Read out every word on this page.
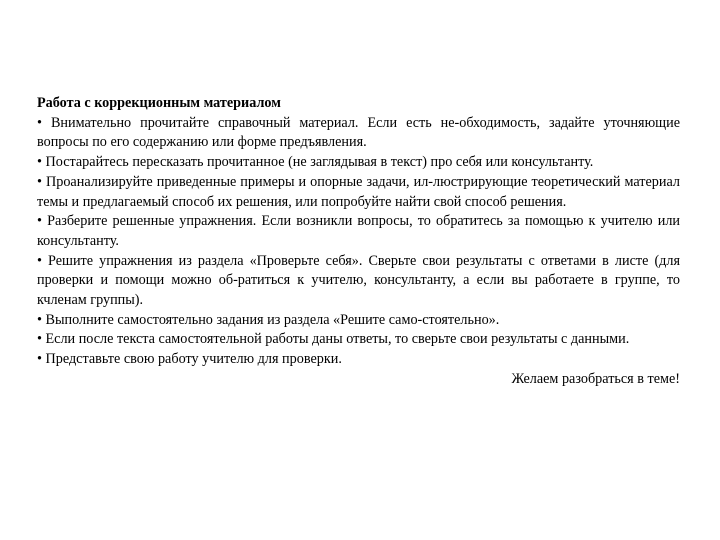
Работа с коррекционным материалом

• Внимательно прочитайте справочный материал. Если есть не-обходимость, задайте уточняющие вопросы по его содержанию или форме предъявления.

• Постарайтесь пересказать прочитанное (не заглядывая в текст) про себя или консультанту.

• Проанализируйте приведенные примеры и опорные задачи, ил-люстрирующие теоретический материал темы и предлагаемый способ их решения, или попробуйте найти свой способ решения.

• Разберите решенные упражнения. Если возникли вопросы, то обратитесь за помощью к учителю или консультанту.

• Решите упражнения из раздела «Проверьте себя». Сверьте свои результаты с ответами в листе (для проверки и помощи можно об-ратиться к учителю, консультанту, а если вы работаете в группе, то кчленам группы).

• Выполните самостоятельно задания из раздела «Решите само-стоятельно».

• Если после текста самостоятельной работы даны ответы, то сверьте свои результаты с данными.

• Представьте свою работу учителю для проверки.

Желаем разобраться в теме!
